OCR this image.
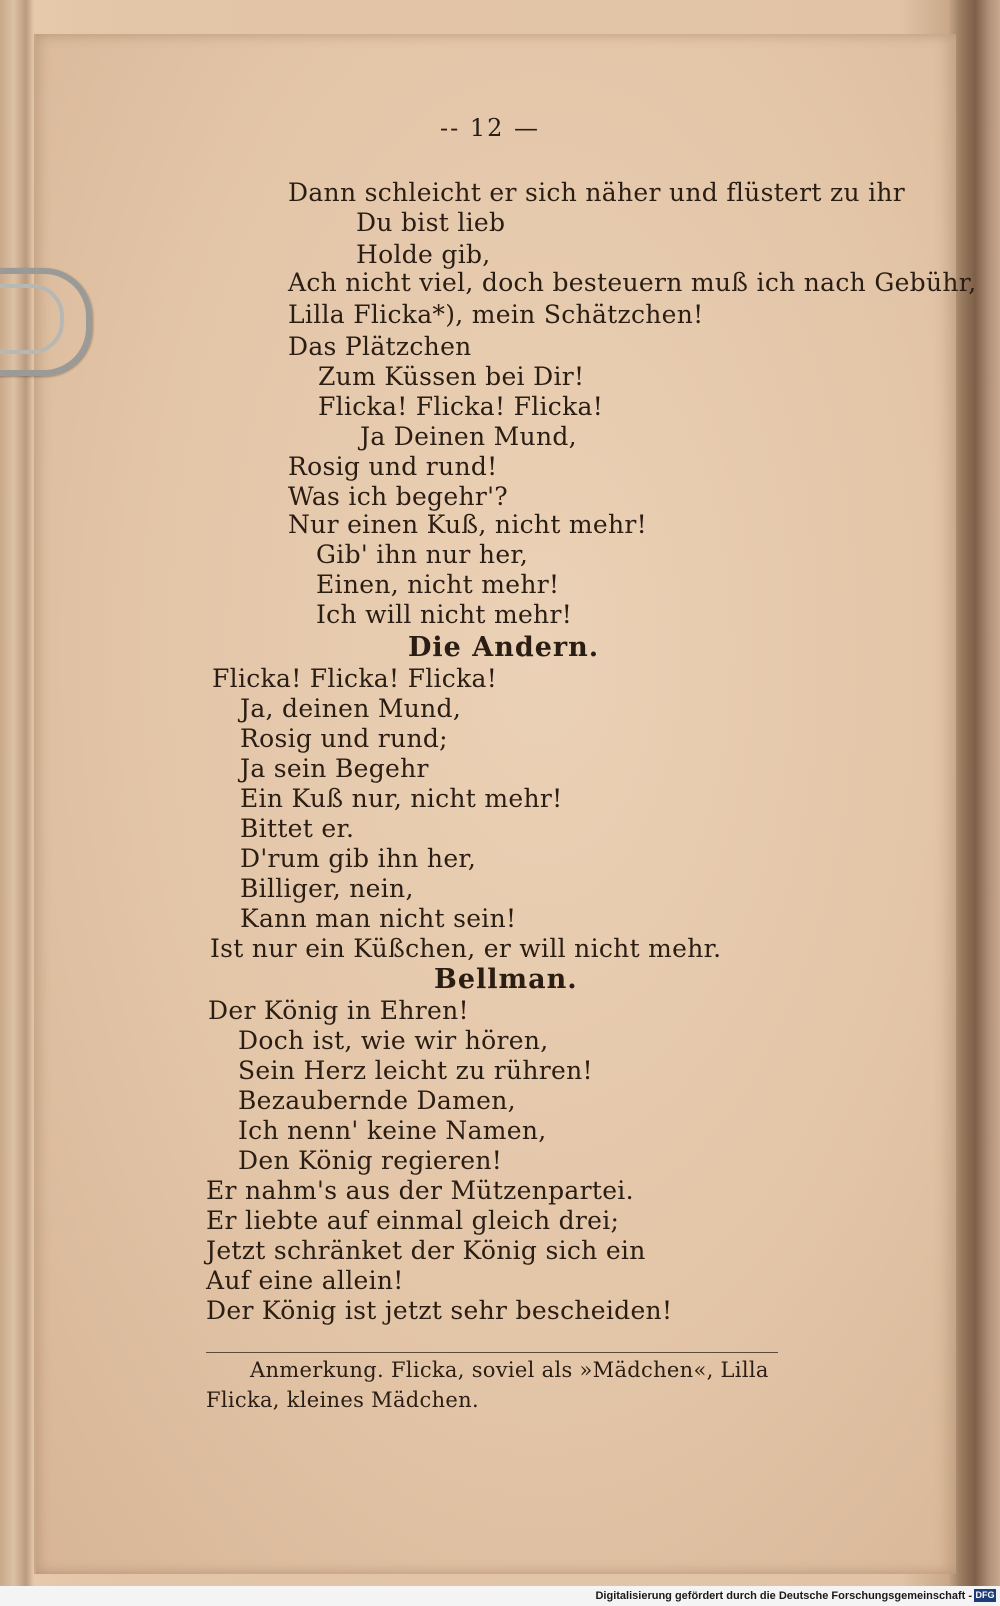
-- 12 —
Dann schleicht er sich näher und flüstert zu ihr
Du bist lieb
Holde gib,
Ach nicht viel, doch besteuern muß ich nach Gebühr,
Lilla Flicka*), mein Schätzchen!
Das Plätzchen
Zum Küssen bei Dir!
Flicka! Flicka! Flicka!
Ja Deinen Mund,
Rosig und rund!
Was ich begehr'?
Nur einen Kuß, nicht mehr!
Gib' ihn nur her,
Einen, nicht mehr!
Ich will nicht mehr!
Die Andern.
Flicka! Flicka! Flicka!
Ja, deinen Mund,
Rosig und rund;
Ja sein Begehr
Ein Kuß nur, nicht mehr!
Bittet er.
D'rum gib ihn her,
Billiger, nein,
Kann man nicht sein!
Ist nur ein Küßchen, er will nicht mehr.
Bellman.
Der König in Ehren!
Doch ist, wie wir hören,
Sein Herz leicht zu rühren!
Bezaubernde Damen,
Ich nenn' keine Namen,
Den König regieren!
Er nahm's aus der Mützenpartei.
Er liebte auf einmal gleich drei;
Jetzt schränket der König sich ein
Auf eine allein!
Der König ist jetzt sehr bescheiden!
Anmerkung. Flicka, soviel als »Mädchen«, Lilla
Flicka, kleines Mädchen.
Digitalisierung gefördert durch die Deutsche Forschungsgemeinschaft - DFG
